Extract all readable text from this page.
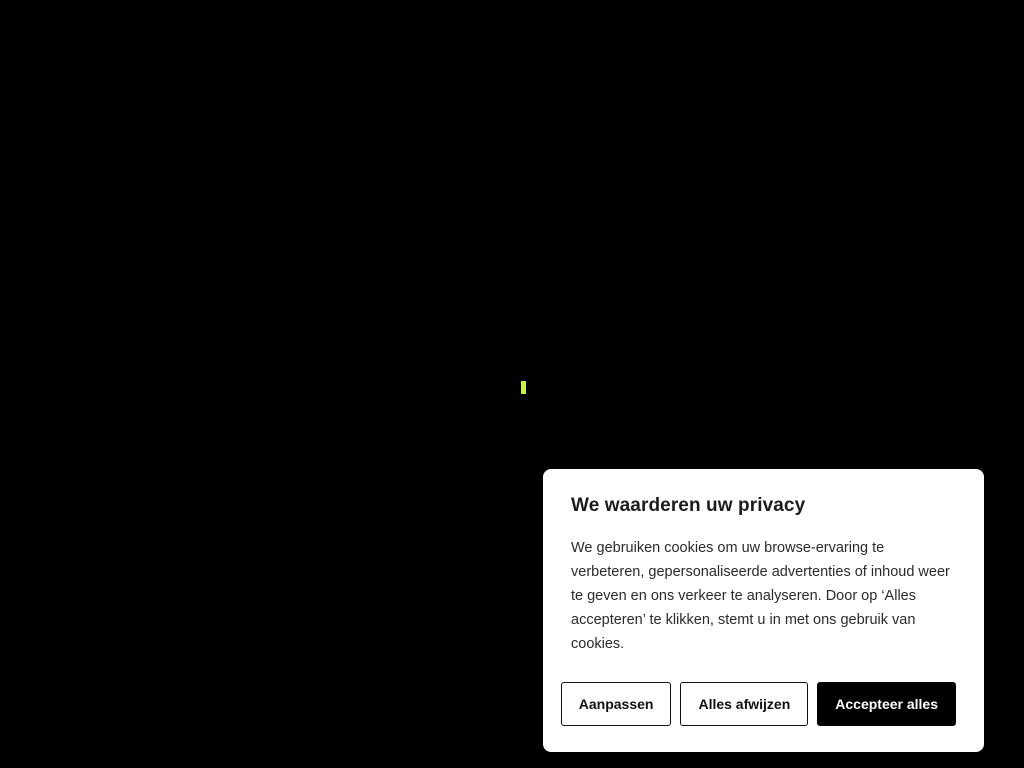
We waarderen uw privacy

We gebruiken cookies om uw browse-ervaring te verbeteren, gepersonaliseerde advertenties of inhoud weer te geven en ons verkeer te analyseren. Door op ‘Alles accepteren’ te klikken, stemt u in met ons gebruik van cookies.

Aanpassen	Alles afwijzen	Accepteer alles
